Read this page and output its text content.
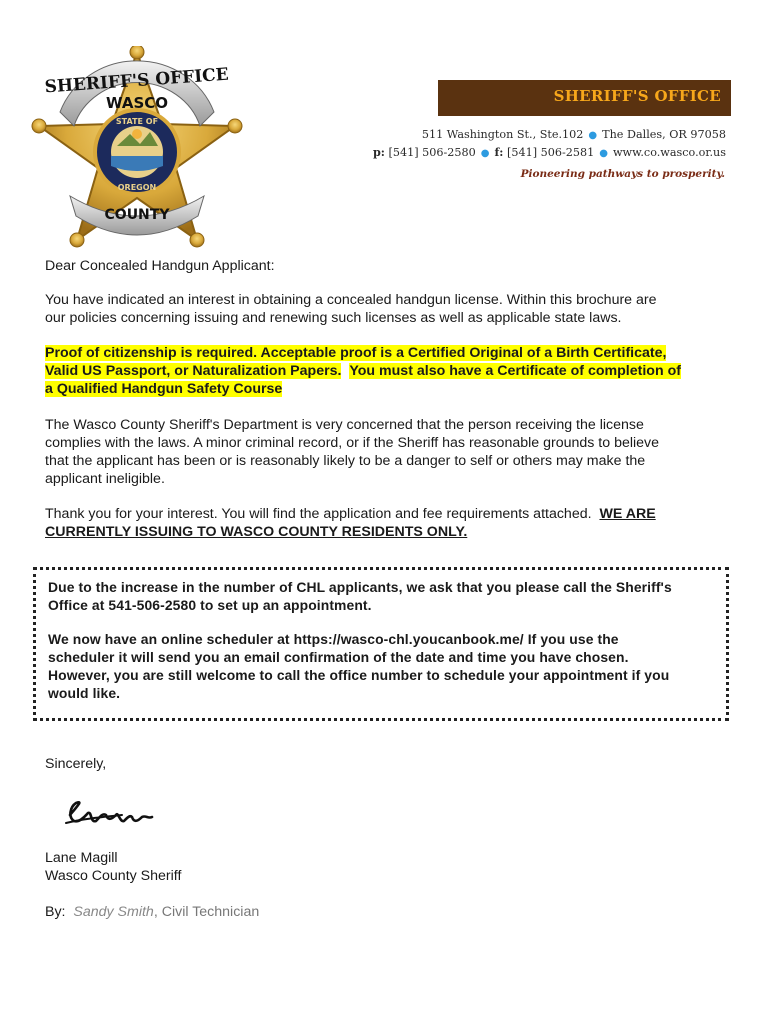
SHERIFF'S OFFICE
WASCO
STATE OF
OREGON
COUNTY
SHERIFF'S OFFICE
511 Washington St., Ste.102 ● The Dalles, OR 97058
p: [541] 506-2580 ● f: [541] 506-2581 ● www.co.wasco.or.us
Pioneering pathways to prosperity.

Dear Concealed Handgun Applicant:

You have indicated an interest in obtaining a concealed handgun license. Within this brochure are
our policies concerning issuing and renewing such licenses as well as applicable state laws.
Proof of citizenship is required. Acceptable proof is a Certified Original of a Birth Certificate,
Valid US Passport, or Naturalization Papers. You must also have a Certificate of completion of
a Qualified Handgun Safety Course
The Wasco County Sheriff's Department is very concerned that the person receiving the license
complies with the laws. A minor criminal record, or if the Sheriff has reasonable grounds to believe
that the applicant has been or is reasonably likely to be a danger to self or others may make the
applicant ineligible.
Thank you for your interest. You will find the application and fee requirements attached. WE ARE
CURRENTLY ISSUING TO WASCO COUNTY RESIDENTS ONLY.

Due to the increase in the number of CHL applicants, we ask that you please call the Sheriff's

Office at 541-506-2580 to set up an appointment.

We now have an online scheduler at https://wasco-chl.youcanbook.me/ If you use the

scheduler it will send you an email confirmation of the date and time you have chosen.

However, you are still welcome to call the office number to schedule your appointment if you

would like.

Sincerely,

Lane Magill
Wasco County Sheriff
By: Sandy Smith, Civil Technician
